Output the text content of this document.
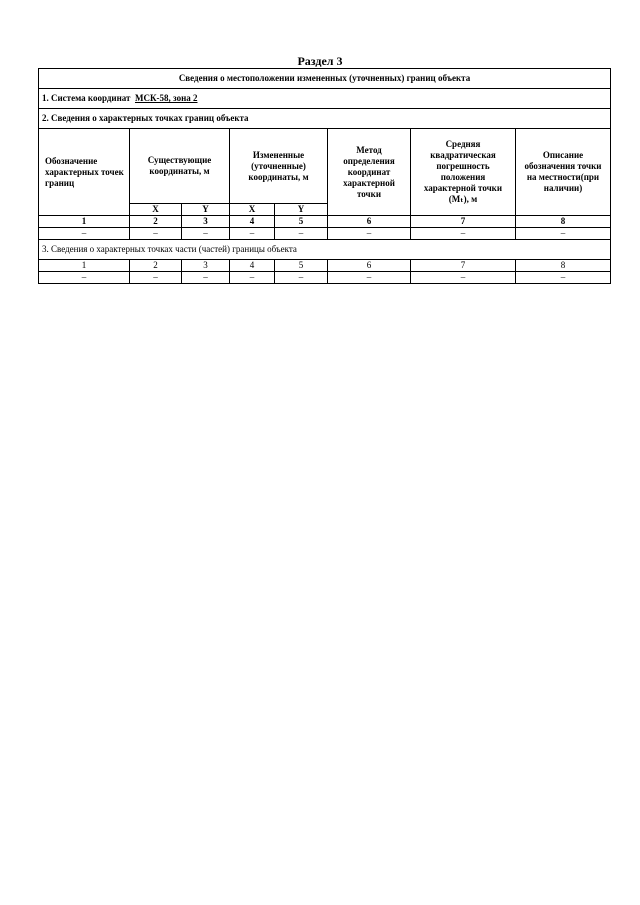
Раздел 3
Сведения о местоположении измененных (уточненных) границ объекта							
1. Система координат МСК-58, зона 2							
2. Сведения о характерных точках границ объекта							
Обозначение характерных точек границ	Существующие координаты, м		Измененные (уточненные) координаты, м		Метод определения координат характерной точки	Средняя квадратическая погрешность положения характерной точки (Мₜ), м	Описание обозначения точки на местности(при наличии)
	X	Y	X	Y			
1	2	3	4	5	6	7	8
–	–	–	–	–	–	–	–
3. Сведения о характерных точках части (частей) границы объекта							
1	2	3	4	5	6	7	8
–	–	–	–	–	–	–	–
